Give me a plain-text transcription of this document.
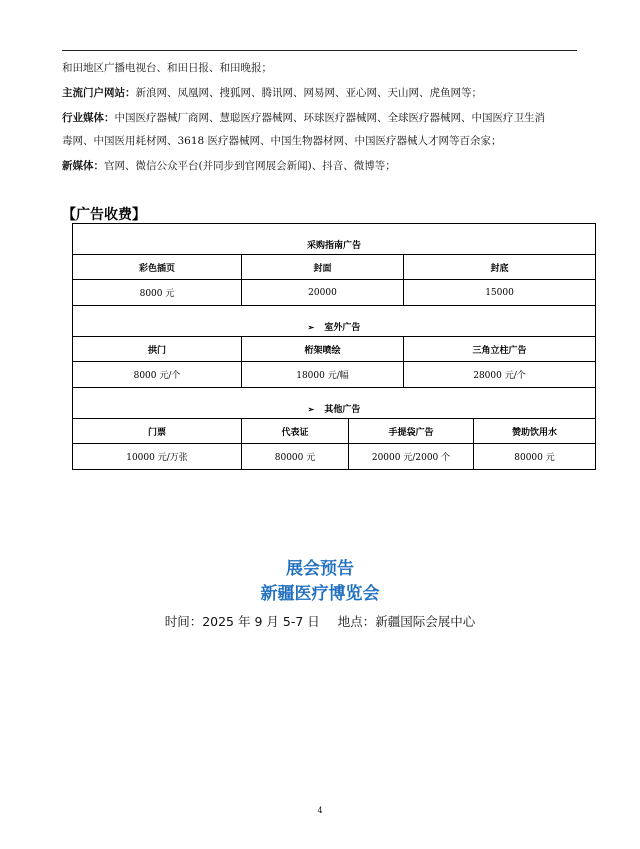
和田地区广播电视台、和田日报、和田晚报；
主流门户网站：新浪网、凤凰网、搜狐网、腾讯网、网易网、亚心网、天山网、虎鱼网等；
行业媒体：中国医疗器械厂商网、慧聪医疗器械网、环球医疗器械网、全球医疗器械网、中国医疗卫生消
毒网、中国医用耗材网、3618 医疗器械网、中国生物器材网、中国医疗器械人才网等百余家；
新媒体：官网、微信公众平台(并同步到官网展会新闻)、抖音、微博等；
【广告收费】
采购指南广告				
彩色插页	封面		封底	
8000 元	20000		15000	
➢ 室外广告				
拱门	桁架喷绘		三角立柱广告	
8000 元/个	18000 元/幅		28000 元/个	
➢ 其他广告				
门票	代表证	手提袋广告		赞助饮用水
10000 元/万张	80000 元	20000 元/2000 个		80000 元
展会预告
新疆医疗博览会
时间：2025 年 9 月 5-7 日 地点：新疆国际会展中心
4
